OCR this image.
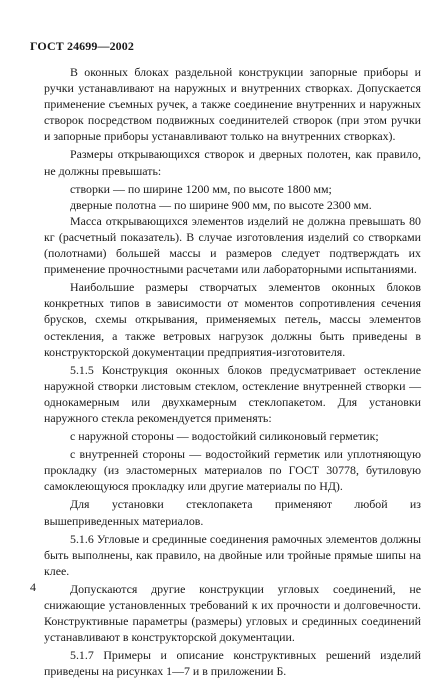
ГОСТ 24699—2002

В оконных блоках раздельной конструкции запорные приборы и ручки устанавливают на наружных и внутренних створках. Допускается применение съемных ручек, а также соединение внутренних и наружных створок посредством подвижных соединителей створок (при этом ручки и запорные приборы устанавливают только на внутренних створках).

Размеры открывающихся створок и дверных полотен, как правило, не должны превышать:

створки — по ширине 1200 мм, по высоте 1800 мм;

дверные полотна — по ширине 900 мм, по высоте 2300 мм.

Масса открывающихся элементов изделий не должна превышать 80 кг (расчетный показатель). В случае изготовления изделий со створками (полотнами) большей массы и размеров следует подтверждать их применение прочностными расчетами или лабораторными испытаниями.

Наибольшие размеры створчатых элементов оконных блоков конкретных типов в зависимости от моментов сопротивления сечения брусков, схемы открывания, применяемых петель, массы элементов остекления, а также ветровых нагрузок должны быть приведены в конструкторской документации предприятия-изготовителя.

5.1.5 Конструкция оконных блоков предусматривает остекление наружной створки листовым стеклом, остекление внутренней створки — однокамерным или двухкамерным стеклопакетом. Для установки наружного стекла рекомендуется применять:

с наружной стороны — водостойкий силиконовый герметик;

с внутренней стороны — водостойкий герметик или уплотняющую прокладку (из эластомерных материалов по ГОСТ 30778, бутиловую самоклеющуюся прокладку или другие материалы по НД).

Для установки стеклопакета применяют любой из вышеприведенных материалов.

5.1.6 Угловые и срединные соединения рамочных элементов должны быть выполнены, как правило, на двойные или тройные прямые шипы на клее.

Допускаются другие конструкции угловых соединений, не снижающие установленных требований к их прочности и долговечности. Конструктивные параметры (размеры) угловых и срединных соединений устанавливают в конструкторской документации.

5.1.7 Примеры и описание конструктивных решений изделий приведены на рисунках 1—7 и в приложении Б.

4
